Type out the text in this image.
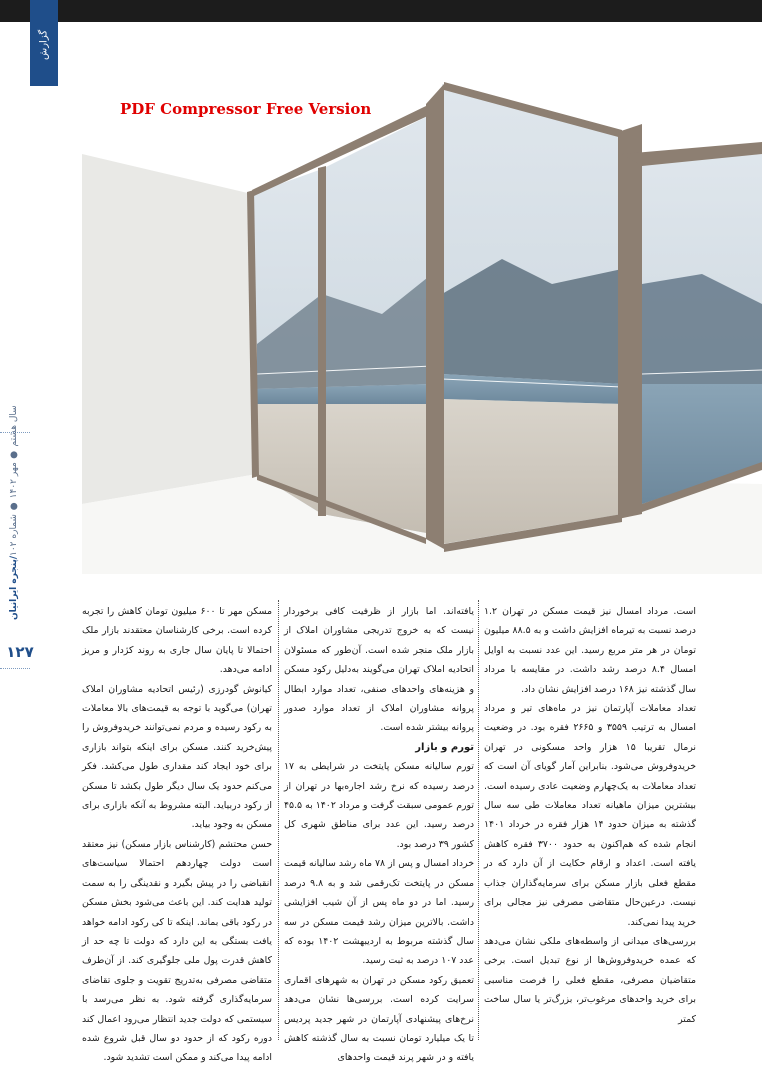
گزارش
PDF Compressor Free Version
پنجره ایرانیان/
سال هشتم ● مهر ۱۴۰۲ ● شماره ۱۰۲
۱۲۷

است. مرداد امسال نیز قیمت مسکن در تهران ۱.۲ درصد نسبت به تیرماه افزایش داشت و به ۸۸.۵ میلیون تومان در هر متر مربع رسید. این عدد نسبت به اوایل امسال ۸.۴ درصد رشد داشت. در مقایسه با مرداد سال گذشته نیز ۱۶۸ درصد افزایش نشان داد.

تعداد معاملات آپارتمان نیز در ماه‌های تیر و مرداد امسال به ترتیب ۳۵۵۹ و ۲۶۶۵ فقره بود. در وضعیت نرمال تقریبا ۱۵ هزار واحد مسکونی در تهران خریدوفروش می‌شود. بنابراین آمار گویای آن است که تعداد معاملات به یک‌چهارم وضعیت عادی رسیده است. بیشترین میزان ماهیانه تعداد معاملات طی سه سال گذشته به میزان حدود ۱۴ هزار فقره در خرداد ۱۴۰۱ انجام شده که هم‌اکنون به حدود ۳۷۰۰ فقره کاهش یافته است. اعداد و ارقام حکایت از آن دارد که در مقطع فعلی بازار مسکن برای سرمایه‌گذاران جذاب نیست. درعین‌حال متقاضی مصرفی نیز مجالی برای خرید پیدا نمی‌کند.

بررسی‌های میدانی از واسطه‌های ملکی نشان می‌دهد که عمده خریدوفروش‌ها از نوع تبدیل است. برخی متقاضیان مصرفی، مقطع فعلی را فرصت مناسبی برای خرید واحدهای مرغوب‌تر، بزرگ‌تر یا سال ساخت کمتر

یافته‌اند. اما بازار از ظرفیت کافی برخوردار نیست که به خروج تدریجی مشاوران املاک از بازار ملک منجر شده است. آن‌طور که مسئولان اتحادیه املاک تهران می‌گویند به‌دلیل رکود مسکن و هزینه‌های واحدهای صنفی، تعداد موارد ابطال پروانه مشاوران املاک از تعداد موارد صدور پروانه بیشتر شده است.

تورم و بازار

تورم سالیانه مسکن پایتخت در شرایطی به ۱۷ درصد رسیده که نرخ رشد اجاره‌بها در تهران از تورم عمومی سبقت گرفت و مرداد ۱۴۰۲ به ۴۵.۵ درصد رسید. این عدد برای مناطق شهری کل کشور ۳۹ درصد بود.

خرداد امسال و پس از ۷۸ ماه رشد سالیانه قیمت مسکن در پایتخت تک‌رقمی شد و به ۹.۸ درصد رسید. اما در دو ماه پس از آن شیب افزایشی داشت. بالاترین میزان رشد قیمت مسکن در سه سال گذشته مربوط به اردیبهشت ۱۴۰۲ بوده که عدد ۱۰۷ درصد به ثبت رسید.

تعمیق رکود مسکن در تهران به شهرهای اقماری سرایت کرده است. بررسی‌ها نشان می‌دهد نرخ‌های پیشنهادی آپارتمان در شهر جدید پردیس تا یک میلیارد تومان نسبت به سال گذشته کاهش یافته و در شهر پرند قیمت واحدهای

مسکن مهر تا ۶۰۰ میلیون تومان کاهش را تجربه کرده است. برخی کارشناسان معتقدند بازار ملک احتمالا تا پایان سال جاری به روند کژدار و مریز ادامه می‌دهد.

کیانوش گودرزی (رئیس اتحادیه مشاوران املاک تهران) می‌گوید با توجه به قیمت‌های بالا معاملات به رکود رسیده و مردم نمی‌توانند خریدوفروش را پیش‌خرید کنند. مسکن برای اینکه بتواند بازاری برای خود ایجاد کند مقداری طول می‌کشد. فکر می‌کنم حدود یک سال دیگر طول بکشد تا مسکن از رکود دربیاید. البته مشروط به آنکه بازاری برای مسکن به وجود بیاید.

حسن محتشم (کارشناس بازار مسکن) نیز معتقد است دولت چهاردهم احتمالا سیاست‌های انقباضی را در پیش بگیرد و نقدینگی را به سمت تولید هدایت کند. این باعث می‌شود بخش مسکن در رکود باقی بماند. اینکه تا کی رکود ادامه خواهد یافت بستگی به این دارد که دولت تا چه حد از کاهش قدرت پول ملی جلوگیری کند. از آن‌طرف متقاضی مصرفی به‌تدریج تقویت و جلوی تقاضای سرمایه‌گذاری گرفته شود. به نظر می‌رسد با سیستمی که دولت جدید انتظار می‌رود اعمال کند دوره رکود که از حدود دو سال قبل شروع شده ادامه پیدا می‌کند و ممکن است تشدید شود.
